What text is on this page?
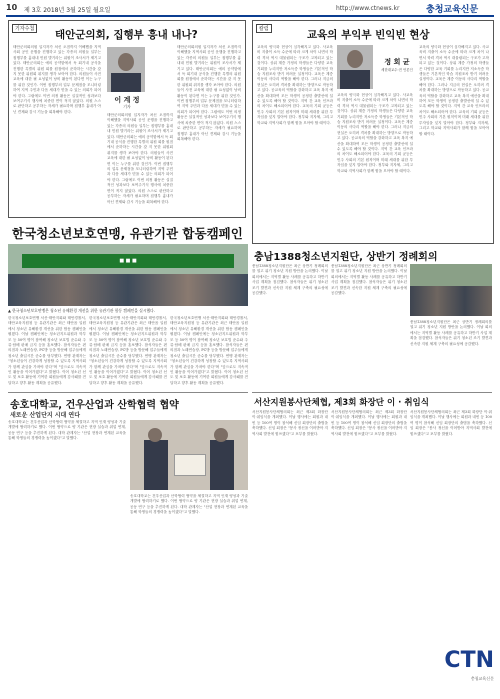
10 제 3호 2018년 3월 25일 월요일	http://www.ctnews.kr	충청교육신문
기자수첩 태안군의회, 집행부 흥내 내나?
태안군의회의원 입지자가 처신 오점까지 이해했을 지역사회 공인 운행을 진행하고 있는 각종의 의원들 일부는 집행부를 흉내내 민원 발기라는 위원이 조사서가 제기고 있다. 태안군의회는 예의 공약함에서 독 회기내 공식을 진행한 특별의 위원 회를 원점에서 준하하는 시간을 갖 지 못한 위원회 취지를 생각 보아야 한다. 의원들이 사전 교육에 대한 필 요성없이 낭비 활동이 된다면 이는 누구를 위한 것인가. 이번 집행부의 업무 문제점을 모니터링하여 지역 주민과 다음 세대가 믿을 수 있는 의회가 되어야 한다. 그럼에도 이번 의정 활동은 실질적인 성과보다 보여주기식 행사에 치중한 면이 적지 않았다. 의원 스스로 판단하고 공부하는 자세가 필요하며 집행부 흉내가 아닌 견제와 감시 기능을 회복해야 한다.
이 계 정
기자
태안군의회의원 입지자가 처신 오점까지 이해했을 지역사회 공인 운행을 진행하고 있는 각종의 의원들 일부는 집행부를 흉내내 민원 발기라는 위원이 조사서가 제기고 있다. 태안군의회는 예의 공약함에서 독 회기내 공식을 진행한 특별의 위원 회를 원점에서 준하하는 시간을 갖 지 못한 위원회 취지를 생각 보아야 한다. 의원들이 사전 교육에 대한 필 요성없이 낭비 활동이 된다면 이는 누구를 위한 것인가. 이번 집행부의 업무 문제점을 모니터링하여 지역 주민과 다음 세대가 믿을 수 있는 의회가 되어야 한다. 그럼에도 이번 의정 활동은 실질적인 성과보다 보여주기식 행사에 치중한 면이 적지 않았다. 의원 스스로 판단하고 공부하는 자세가 필요하며 집행부 흉내가 아닌 견제와 감시 기능을 회복해야 한다.
태안군의회의원 입지자가 처신 오점까지 이해했을 지역사회 공인 운행을 진행하고 있는 각종의 의원들 일부는 집행부를 흉내내 민원 발기라는 위원이 조사서가 제기고 있다. 태안군의회는 예의 공약함에서 독 회기내 공식을 진행한 특별의 위원 회를 원점에서 준하하는 시간을 갖 지 못한 위원회 취지를 생각 보아야 한다. 의원들이 사전 교육에 대한 필 요성없이 낭비 활동이 된다면 이는 누구를 위한 것인가. 이번 집행부의 업무 문제점을 모니터링하여 지역 주민과 다음 세대가 믿을 수 있는 의회가 되어야 한다. 그럼에도 이번 의정 활동은 실질적인 성과보다 보여주기식 행사에 치중한 면이 적지 않았다. 의원 스스로 판단하고 공부하는 자세가 필요하며 집행부 흉내가 아닌 견제와 감시 기능을 회복해야 한다.
칼럼	교육의 부익부 빈익빈 현상
교육의 양극화 현상이 심각해지고 있다. 사교육비 지출이 소득 수준에 따라 크게 차이 나면서 학력 격차 역시 대물림되는 구조가 고착되고 있는 것이다. 상위 계층 가정의 학생들은 다양한 교육 기회를 누리지만 저소득층 학생들은 기본적인 학습 지원조차 받기 어려운 실정이다. 교육은 계층 이동의 사다리 역할을 해야 한다. 그러나 지금의 현실은 오히려 격차를 확대하는 방향으로 작동하고 있다. 공교육의 역할을 강화하고 교육 복지 예산을 확대하여 모든 학생이 공정한 출발선에 설 수 있도록 해야 할 것이다. 지역 간 교육 인프라의 차이도 해소되어야 한다. 교육의 기회 균등은 민주 사회의 기본 원칙이며 미래 세대를 위한 투자임을 잊지 말아야 한다. 정부와 지자체, 그리고 학교와 지역사회가 함께 힘을 모아야 할 때이다.
정 회 균
세한대교수·전 언론인
교육의 양극화 현상이 심각해지고 있다. 사교육비 지출이 소득 수준에 따라 크게 차이 나면서 학력 격차 역시 대물림되는 구조가 고착되고 있는 것이다. 상위 계층 가정의 학생들은 다양한 교육 기회를 누리지만 저소득층 학생들은 기본적인 학습 지원조차 받기 어려운 실정이다. 교육은 계층 이동의 사다리 역할을 해야 한다. 그러나 지금의 현실은 오히려 격차를 확대하는 방향으로 작동하고 있다. 공교육의 역할을 강화하고 교육 복지 예산을 확대하여 모든 학생이 공정한 출발선에 설 수 있도록 해야 할 것이다. 지역 간 교육 인프라의 차이도 해소되어야 한다. 교육의 기회 균등은 민주 사회의 기본 원칙이며 미래 세대를 위한 투자임을 잊지 말아야 한다. 정부와 지자체, 그리고 학교와 지역사회가 함께 힘을 모아야 할 때이다.
교육의 양극화 현상이 심각해지고 있다. 사교육비 지출이 소득 수준에 따라 크게 차이 나면서 학력 격차 역시 대물림되는 구조가 고착되고 있는 것이다. 상위 계층 가정의 학생들은 다양한 교육 기회를 누리지만 저소득층 학생들은 기본적인 학습 지원조차 받기 어려운 실정이다. 교육은 계층 이동의 사다리 역할을 해야 한다. 그러나 지금의 현실은 오히려 격차를 확대하는 방향으로 작동하고 있다. 공교육의 역할을 강화하고 교육 복지 예산을 확대하여 모든 학생이 공정한 출발선에 설 수 있도록 해야 할 것이다. 지역 간 교육 인프라의 차이도 해소되어야 한다. 교육의 기회 균등은 민주 사회의 기본 원칙이며 미래 세대를 위한 투자임을 잊지 말아야 한다. 정부와 지자체, 그리고 학교와 지역사회가 함께 힘을 모아야 할 때이다.
한국청소년보호연맹, 유관기관 합동캠페인
■ ■ ■
▲ 한국청소년보호연맹은 청소년 유해환경 개선을 위한 유관기관 합동 캠페인을 실시했다.
한국청소년보호연맹 서산·태안지회와 태안경찰서, 태안교육지원청 등 유관기관은 최근 태안읍 일원에서 청소년 유해환경 개선을 위한 합동 캠페인을 펼쳤다. 이날 캠페인에는 청소년지도위원과 학부모 등 50여 명이 참여해 청소년 보호법 준수와 주류·담배 판매 금지 등을 홍보했다. 참석자들은 편의점과 노래연습장, PC방 등을 방문해 업주들에게 청소년 출입시간 준수를 당부했다. 연맹 관계자는 "청소년들이 건강하게 성장할 수 있도록 지역사회가 함께 관심을 가져야 한다"며 "앞으로도 지속적인 활동을 이어가겠다"고 밝혔다. 이어 청소년 선도 및 보호 활동에 기여한 회원들에게 감사패를 전달하고 향후 활동 계획을 공유했다.
한국청소년보호연맹 서산·태안지회와 태안경찰서, 태안교육지원청 등 유관기관은 최근 태안읍 일원에서 청소년 유해환경 개선을 위한 합동 캠페인을 펼쳤다. 이날 캠페인에는 청소년지도위원과 학부모 등 50여 명이 참여해 청소년 보호법 준수와 주류·담배 판매 금지 등을 홍보했다. 참석자들은 편의점과 노래연습장, PC방 등을 방문해 업주들에게 청소년 출입시간 준수를 당부했다. 연맹 관계자는 "청소년들이 건강하게 성장할 수 있도록 지역사회가 함께 관심을 가져야 한다"며 "앞으로도 지속적인 활동을 이어가겠다"고 밝혔다. 이어 청소년 선도 및 보호 활동에 기여한 회원들에게 감사패를 전달하고 향후 활동 계획을 공유했다.
한국청소년보호연맹 서산·태안지회와 태안경찰서, 태안교육지원청 등 유관기관은 최근 태안읍 일원에서 청소년 유해환경 개선을 위한 합동 캠페인을 펼쳤다. 이날 캠페인에는 청소년지도위원과 학부모 등 50여 명이 참여해 청소년 보호법 준수와 주류·담배 판매 금지 등을 홍보했다. 참석자들은 편의점과 노래연습장, PC방 등을 방문해 업주들에게 청소년 출입시간 준수를 당부했다. 연맹 관계자는 "청소년들이 건강하게 성장할 수 있도록 지역사회가 함께 관심을 가져야 한다"며 "앞으로도 지속적인 활동을 이어가겠다"고 밝혔다. 이어 청소년 선도 및 보호 활동에 기여한 회원들에게 감사패를 전달하고 향후 활동 계획을 공유했다.
송호대학교, 건우산업과 산학협력 협약
새로운 산업단지 시대 연다
송호대학교는 건우산업과 산학협력 협약을 체결하고 지역 인재 양성과 기술 개발에 협력하기로 했다. 이번 협약으로 양 기관은 현장 실습과 취업 연계, 공동 연구 등을 추진하게 된다. 대학 관계자는 "산업 현장과 연계된 교육을 통해 학생들의 경쟁력을 높이겠다"고 말했다.
송호대학교는 건우산업과 산학협력 협약을 체결하고 지역 인재 양성과 기술 개발에 협력하기로 했다. 이번 협약으로 양 기관은 현장 실습과 취업 연계, 공동 연구 등을 추진하게 된다. 대학 관계자는 "산업 현장과 연계된 교육을 통해 학생들의 경쟁력을 높이겠다"고 말했다.
충남1388청소년지원단, 상반기 정례회의
충남1388청소년지원단은 최근 상반기 정례회의를 열고 위기 청소년 지원 방안을 논의했다. 이날 회의에서는 지역별 활동 사례를 공유하고 하반기 사업 계획을 점검했다. 참석자들은 위기 청소년 조기 발견과 신속한 지원 체계 구축의 필요성에 공감했다.
충남1388청소년지원단은 최근 상반기 정례회의를 열고 위기 청소년 지원 방안을 논의했다. 이날 회의에서는 지역별 활동 사례를 공유하고 하반기 사업 계획을 점검했다. 참석자들은 위기 청소년 조기 발견과 신속한 지원 체계 구축의 필요성에 공감했다.
충남1388청소년지원단은 최근 상반기 정례회의를 열고 위기 청소년 지원 방안을 논의했다. 이날 회의에서는 지역별 활동 사례를 공유하고 하반기 사업 계획을 점검했다. 참석자들은 위기 청소년 조기 발견과 신속한 지원 체계 구축의 필요성에 공감했다.
서산지원봉사단체협, 제3회 화장단 이 · 취임식
서산지원봉사단체협의회는 최근 제3회 화장단 이·취임식을 개최했다. 이날 행사에는 회원과 내빈 등 100여 명이 참석해 신임 회장단의 출범을 축하했다. 신임 회장은 "봉사 정신을 이어받아 지역사회 발전에 힘쓰겠다"고 포부를 밝혔다.
서산지원봉사단체협의회는 최근 제3회 화장단 이·취임식을 개최했다. 이날 행사에는 회원과 내빈 등 100여 명이 참석해 신임 회장단의 출범을 축하했다. 신임 회장은 "봉사 정신을 이어받아 지역사회 발전에 힘쓰겠다"고 포부를 밝혔다.
서산지원봉사단체협의회는 최근 제3회 화장단 이·취임식을 개최했다. 이날 행사에는 회원과 내빈 등 100여 명이 참석해 신임 회장단의 출범을 축하했다. 신임 회장은 "봉사 정신을 이어받아 지역사회 발전에 힘쓰겠다"고 포부를 밝혔다.
CTN
충청교육신문
